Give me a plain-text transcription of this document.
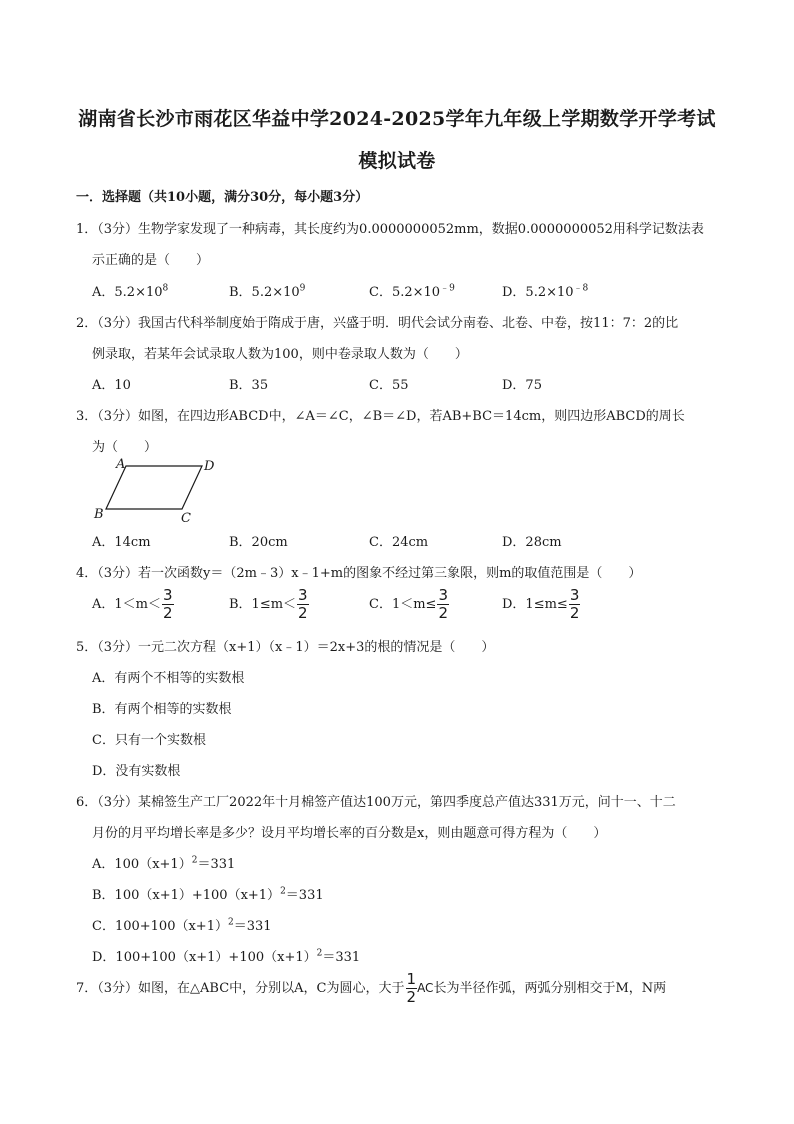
湖南省长沙市雨花区华益中学2024-2025学年九年级上学期数学开学考试
模拟试卷
一．选择题（共10小题，满分30分，每小题3分）
1．（3分）生物学家发现了一种病毒，其长度约为0.0000000052mm，数据0.0000000052用科学记数法表
示正确的是（　　）
A．$5.2\times 10^8$	B．$5.2\times 10^9$	C．$5.2\times 10^{﹣9}$	D．$5.2\times 10^{﹣8}$
2．（3分）我国古代科举制度始于隋成于唐，兴盛于明．明代会试分南卷、北卷、中卷，按11：7：2的比
例录取，若某年会试录取人数为100，则中卷录取人数为（　　）
A．10	B．35	C．55	D．75
3．（3分）如图，在四边形ABCD中，∠A＝∠C，∠B＝∠D，若AB+BC＝14cm，则四边形ABCD的周长
为（　　）
A	D
B	C
A．14cm	B．20cm	C．24cm	D．28cm
4．（3分）若一次函数y＝（2m﹣3）x﹣1+m的图象不经过第三象限，则m的取值范围是（　　）
A．$1<m< \frac{3}{2}$	B．$1\le m< \frac{3}{2}$	C．$1<m\le \frac{3}{2}$	D．$1\le m\le \frac{3}{2}$
5．（3分）一元二次方程（x+1）（x﹣1）＝2x+3的根的情况是（　　）
A．有两个不相等的实数根
B．有两个相等的实数根
C．只有一个实数根
D．没有实数根
6．（3分）某棉签生产工厂2022年十月棉签产值达100万元，第四季度总产值达331万元，问十一、十二
月份的月平均增长率是多少？设月平均增长率的百分数是x，则由题意可得方程为（　　）
A．$100(x+1)^2=331$
B．$100(x+1)+100(x+1)^2=331$
C．$100+100(x+1)^2=331$
D．$100+100(x+1)+100(x+1)^2=331$
7．（3分）如图，在△ABC中，分别以A，C为圆心，大于 $\frac{1}{2}$ AC长为半径作弧，两弧分别相交于M，N两
